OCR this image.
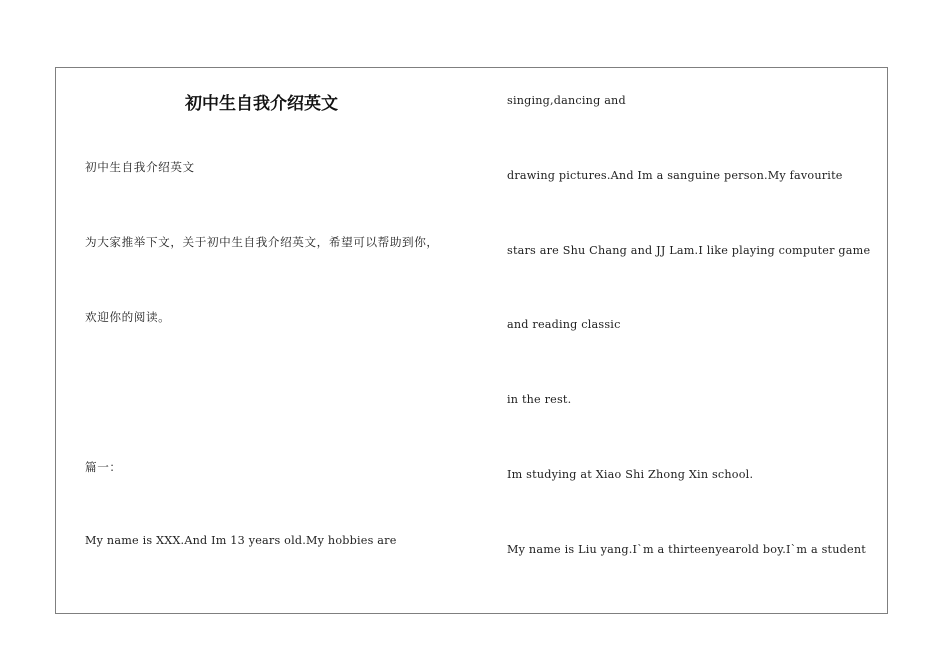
初中生自我介绍英文
初中生自我介绍英文
为大家推举下文，关于初中生自我介绍英文，希望可以帮助到你，
欢迎你的阅读。
篇一：
My name is XXX.And Im 13 years old.My hobbies are
singing,dancing and
drawing pictures.And Im a sanguine person.My favourite
stars are Shu Chang and JJ Lam.I like playing computer game
and reading classic
in the rest.
Im studying at Xiao Shi Zhong Xin school.
My name is Liu yang.I`m a thirteenyearold boy.I`m a student
